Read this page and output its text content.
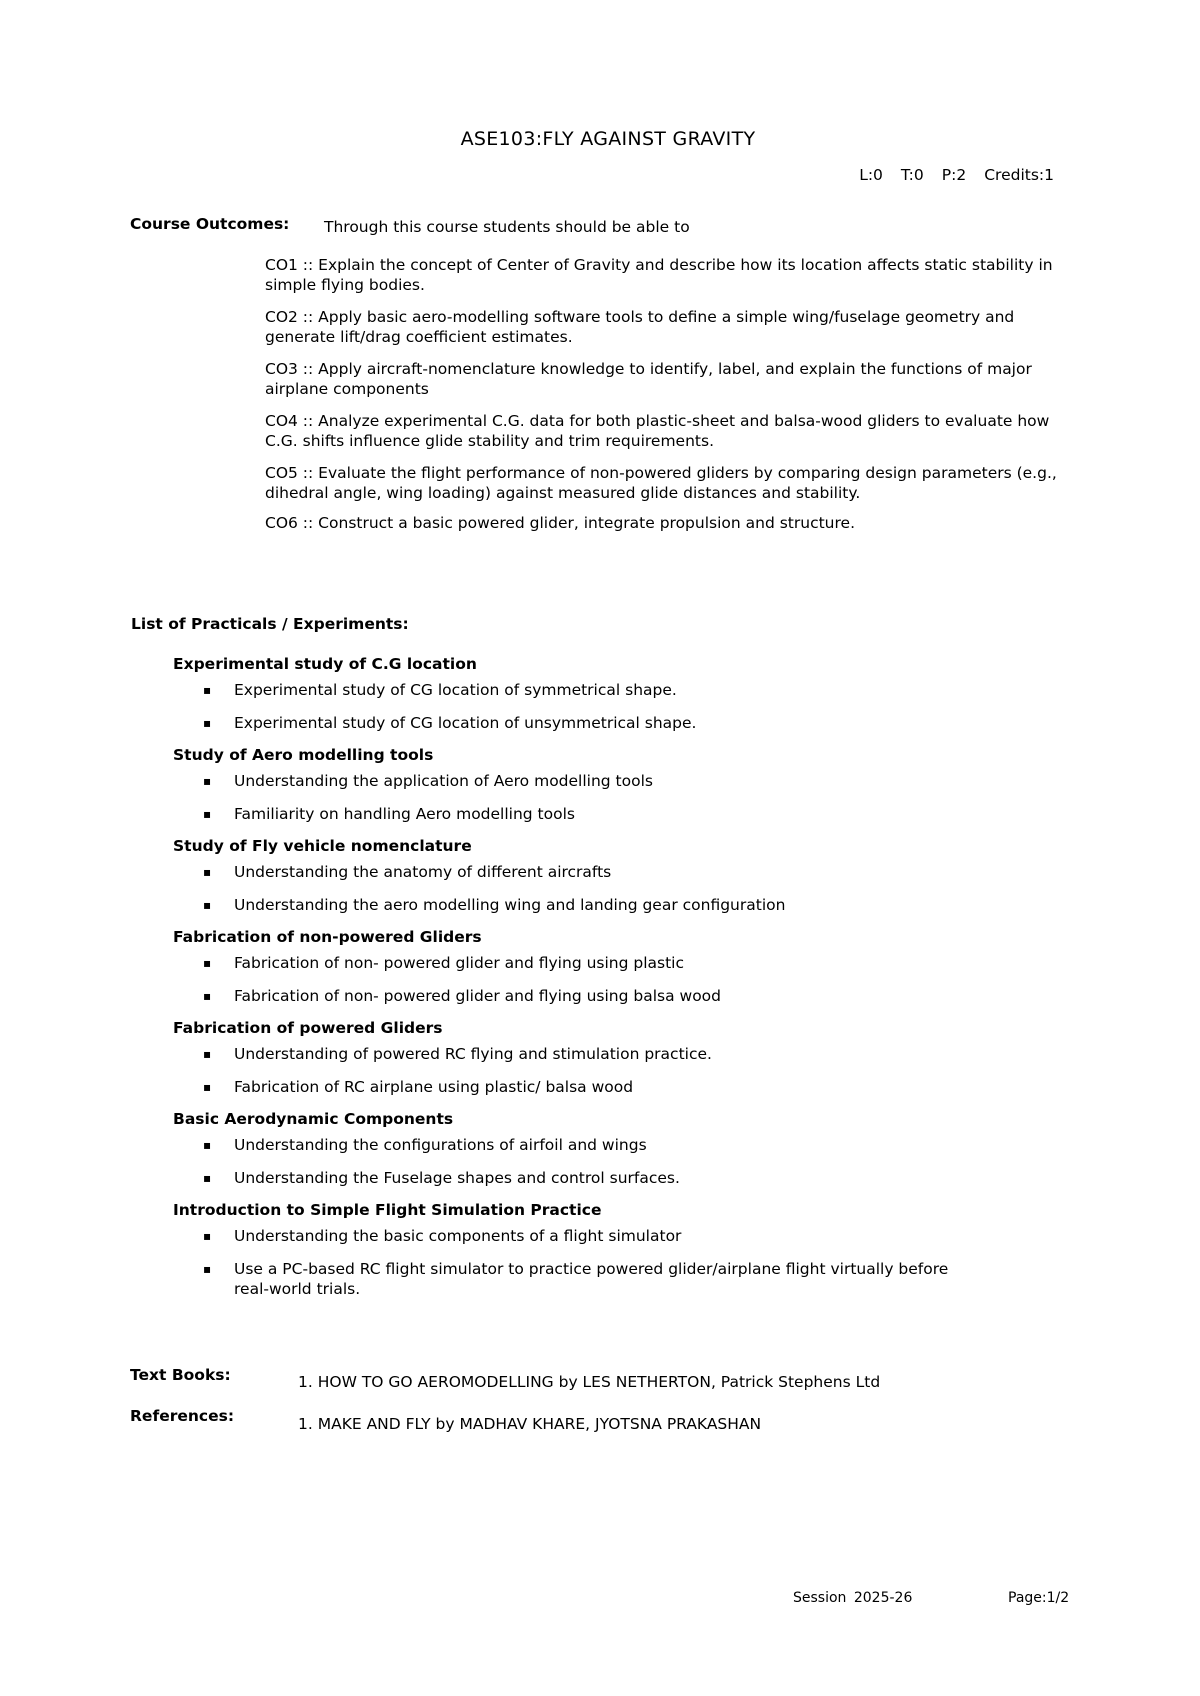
ASE103:FLY AGAINST GRAVITY
L:0 T:0 P:2 Credits:1
Course Outcomes: Through this course students should be able to
CO1 :: Explain the concept of Center of Gravity and describe how its location affects static stability in simple flying bodies.
CO2 :: Apply basic aero-modelling software tools to define a simple wing/fuselage geometry and generate lift/drag coefficient estimates.
CO3 :: Apply aircraft-nomenclature knowledge to identify, label, and explain the functions of major airplane components
CO4 :: Analyze experimental C.G. data for both plastic-sheet and balsa-wood gliders to evaluate how C.G. shifts influence glide stability and trim requirements.
CO5 :: Evaluate the flight performance of non-powered gliders by comparing design parameters (e.g., dihedral angle, wing loading) against measured glide distances and stability.
CO6 :: Construct a basic powered glider, integrate propulsion and structure.
List of Practicals / Experiments:
Experimental study of C.G location
▪ Experimental study of CG location of symmetrical shape.
▪ Experimental study of CG location of unsymmetrical shape.
Study of Aero modelling tools
▪ Understanding the application of Aero modelling tools
▪ Familiarity on handling Aero modelling tools
Study of Fly vehicle nomenclature
▪ Understanding the anatomy of different aircrafts
▪ Understanding the aero modelling wing and landing gear configuration
Fabrication of non-powered Gliders
▪ Fabrication of non- powered glider and flying using plastic
▪ Fabrication of non- powered glider and flying using balsa wood
Fabrication of powered Gliders
▪ Understanding of powered RC flying and stimulation practice.
▪ Fabrication of RC airplane using plastic/ balsa wood
Basic Aerodynamic Components
▪ Understanding the configurations of airfoil and wings
▪ Understanding the Fuselage shapes and control surfaces.
Introduction to Simple Flight Simulation Practice
▪ Understanding the basic components of a flight simulator
▪ Use a PC-based RC flight simulator to practice powered glider/airplane flight virtually before real-world trials.
Text Books:	1. HOW TO GO AEROMODELLING by LES NETHERTON, Patrick Stephens Ltd
References:	1. MAKE AND FLY by MADHAV KHARE, JYOTSNA PRAKASHAN
Session 2025-26	Page:1/2
